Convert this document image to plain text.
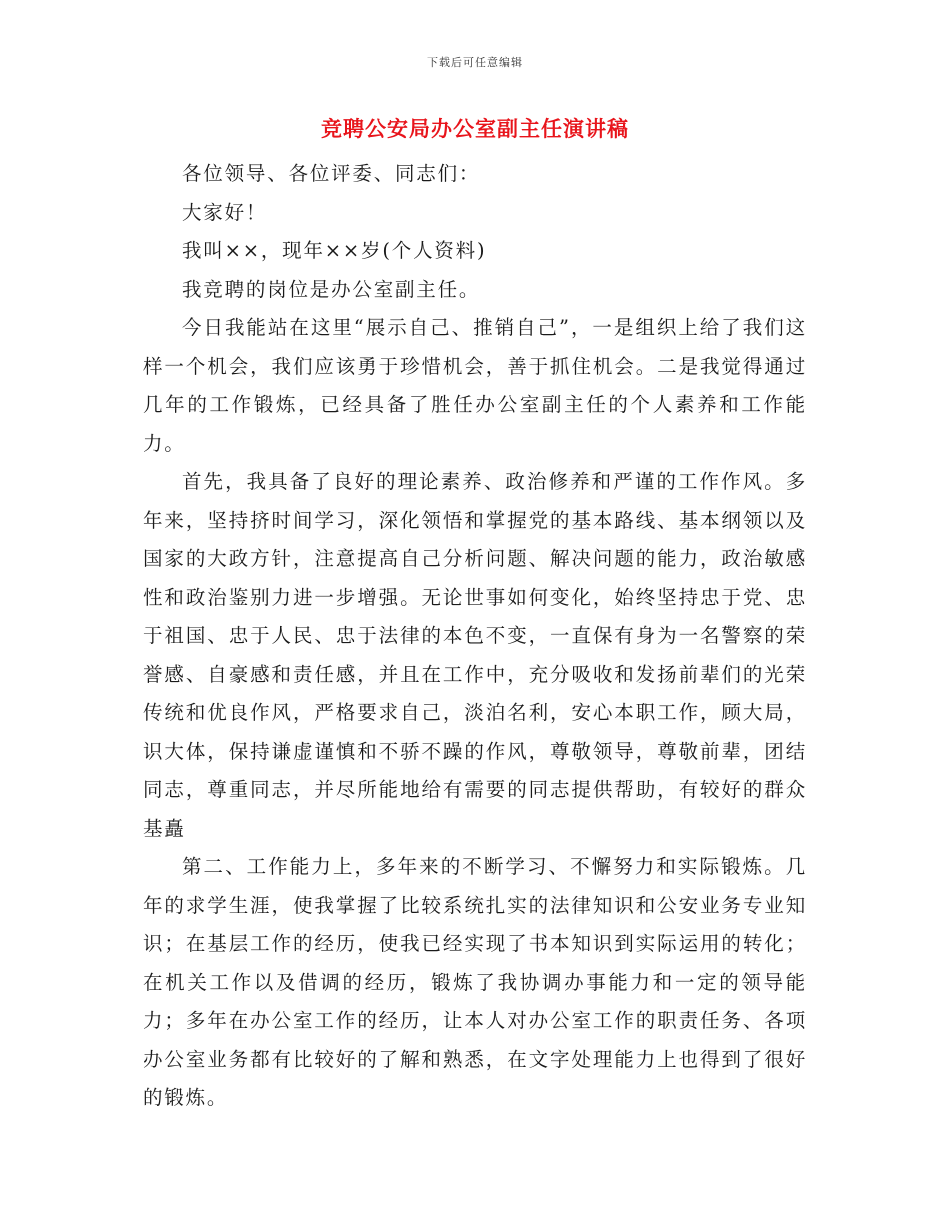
下载后可任意编辑
竞聘公安局办公室副主任演讲稿

各位领导、各位评委、同志们：

大家好！

我叫××，现年××岁(个人资料)

我竞聘的岗位是办公室副主任。

今日我能站在这里“展示自己、推销自己”，一是组织上给了我们这样一个机会，我们应该勇于珍惜机会，善于抓住机会。二是我觉得通过几年的工作锻炼，已经具备了胜任办公室副主任的个人素养和工作能力。

首先，我具备了良好的理论素养、政治修养和严谨的工作作风。多年来，坚持挤时间学习，深化领悟和掌握党的基本路线、基本纲领以及国家的大政方针，注意提高自己分析问题、解决问题的能力，政治敏感性和政治鉴别力进一步增强。无论世事如何变化，始终坚持忠于党、忠于祖国、忠于人民、忠于法律的本色不变，一直保有身为一名警察的荣誉感、自豪感和责任感，并且在工作中，充分吸收和发扬前辈们的光荣传统和优良作风，严格要求自己，淡泊名利，安心本职工作，顾大局，识大体，保持谦虚谨慎和不骄不躁的作风，尊敬领导，尊敬前辈，团结同志，尊重同志，并尽所能地给有需要的同志提供帮助，有较好的群众基矗

第二、工作能力上，多年来的不断学习、不懈努力和实际锻炼。几年的求学生涯，使我掌握了比较系统扎实的法律知识和公安业务专业知识；在基层工作的经历，使我已经实现了书本知识到实际运用的转化；在机关工作以及借调的经历，锻炼了我协调办事能力和一定的领导能力；多年在办公室工作的经历，让本人对办公室工作的职责任务、各项办公室业务都有比较好的了解和熟悉，在文字处理能力上也得到了很好的锻炼。
